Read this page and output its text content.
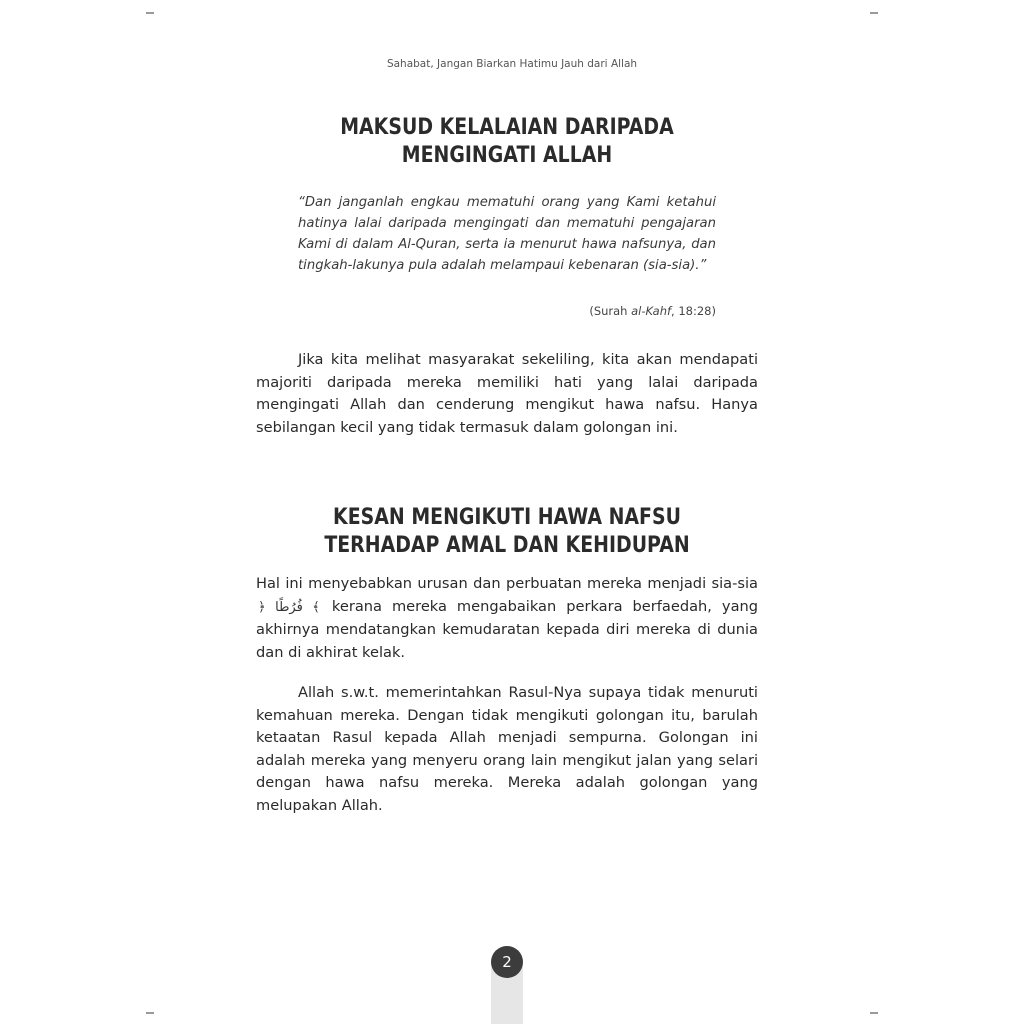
Sahabat, Jangan Biarkan Hatimu Jauh dari Allah
MAKSUD KELALAIAN DARIPADA
MENGINGATI ALLAH
“Dan janganlah engkau mematuhi orang yang Kami ketahui hatinya lalai daripada mengingati dan mematuhi pengajaran Kami di dalam Al-Quran, serta ia menurut hawa nafsunya, dan tingkah-lakunya pula adalah melampaui kebenaran (sia-sia).”
(Surah al-Kahf, 18:28)
Jika kita melihat masyarakat sekeliling, kita akan mendapati majoriti daripada mereka memiliki hati yang lalai daripada mengingati Allah dan cenderung mengikut hawa nafsu. Hanya sebilangan kecil yang tidak termasuk dalam golongan ini.
KESAN MENGIKUTI HAWA NAFSU
TERHADAP AMAL DAN KEHIDUPAN
Hal ini menyebabkan urusan dan perbuatan mereka menjadi sia-sia ﴿ فُرُطًا ﴾ kerana mereka mengabaikan perkara berfaedah, yang akhirnya mendatangkan kemudaratan kepada diri mereka di dunia dan di akhirat kelak.
Allah s.w.t. memerintahkan Rasul-Nya supaya tidak menuruti kemahuan mereka. Dengan tidak mengikuti golongan itu, barulah ketaatan Rasul kepada Allah menjadi sempurna. Golongan ini adalah mereka yang menyeru orang lain mengikut jalan yang selari dengan hawa nafsu mereka. Mereka adalah golongan yang melupakan Allah.
2
